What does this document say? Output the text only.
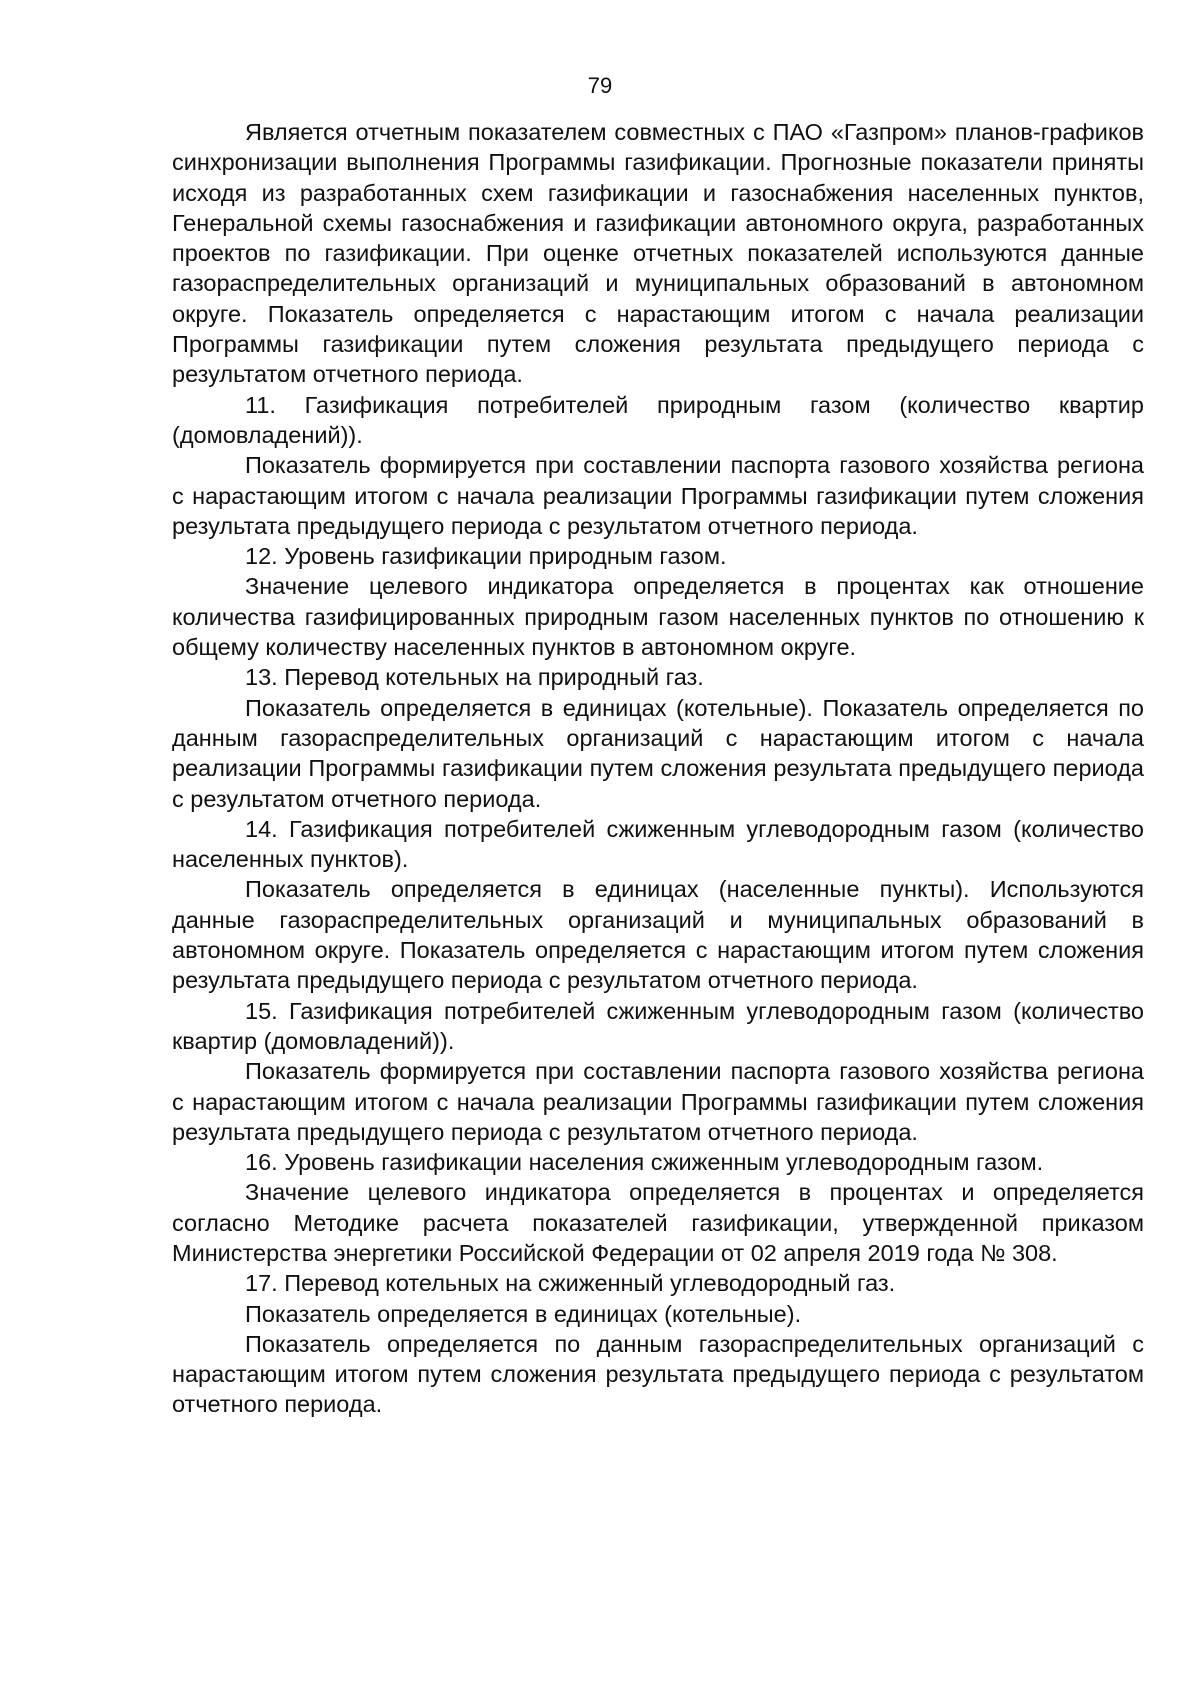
79

Является отчетным показателем совместных с ПАО «Газпром» планов-графиков синхронизации выполнения Программы газификации. Прогнозные показатели приняты исходя из разработанных схем газификации и газоснабжения населенных пунктов, Генеральной схемы газоснабжения и газификации автономного округа, разработанных проектов по газификации. При оценке отчетных показателей используются данные газораспределительных организаций и муниципальных образований в автономном округе. Показатель определяется с нарастающим итогом с начала реализации Программы газификации путем сложения результата предыдущего периода с результатом отчетного периода.

11. Газификация потребителей природным газом (количество квартир (домовладений)).

Показатель формируется при составлении паспорта газового хозяйства региона с нарастающим итогом с начала реализации Программы газификации путем сложения результата предыдущего периода с результатом отчетного периода.

12. Уровень газификации природным газом.

Значение целевого индикатора определяется в процентах как отношение количества газифицированных природным газом населенных пунктов по отношению к общему количеству населенных пунктов в автономном округе.

13. Перевод котельных на природный газ.

Показатель определяется в единицах (котельные). Показатель определяется по данным газораспределительных организаций с нарастающим итогом с начала реализации Программы газификации путем сложения результата предыдущего периода с результатом отчетного периода.

14. Газификация потребителей сжиженным углеводородным газом (количество населенных пунктов).

Показатель определяется в единицах (населенные пункты). Используются данные газораспределительных организаций и муниципальных образований в автономном округе. Показатель определяется с нарастающим итогом путем сложения результата предыдущего периода с результатом отчетного периода.

15. Газификация потребителей сжиженным углеводородным газом (количество квартир (домовладений)).

Показатель формируется при составлении паспорта газового хозяйства региона с нарастающим итогом с начала реализации Программы газификации путем сложения результата предыдущего периода с результатом отчетного периода.

16. Уровень газификации населения сжиженным углеводородным газом.

Значение целевого индикатора определяется в процентах и определяется согласно Методике расчета показателей газификации, утвержденной приказом Министерства энергетики Российской Федерации от 02 апреля 2019 года № 308.

17. Перевод котельных на сжиженный углеводородный газ.

Показатель определяется в единицах (котельные).

Показатель определяется по данным газораспределительных организаций с нарастающим итогом путем сложения результата предыдущего периода с результатом отчетного периода.
